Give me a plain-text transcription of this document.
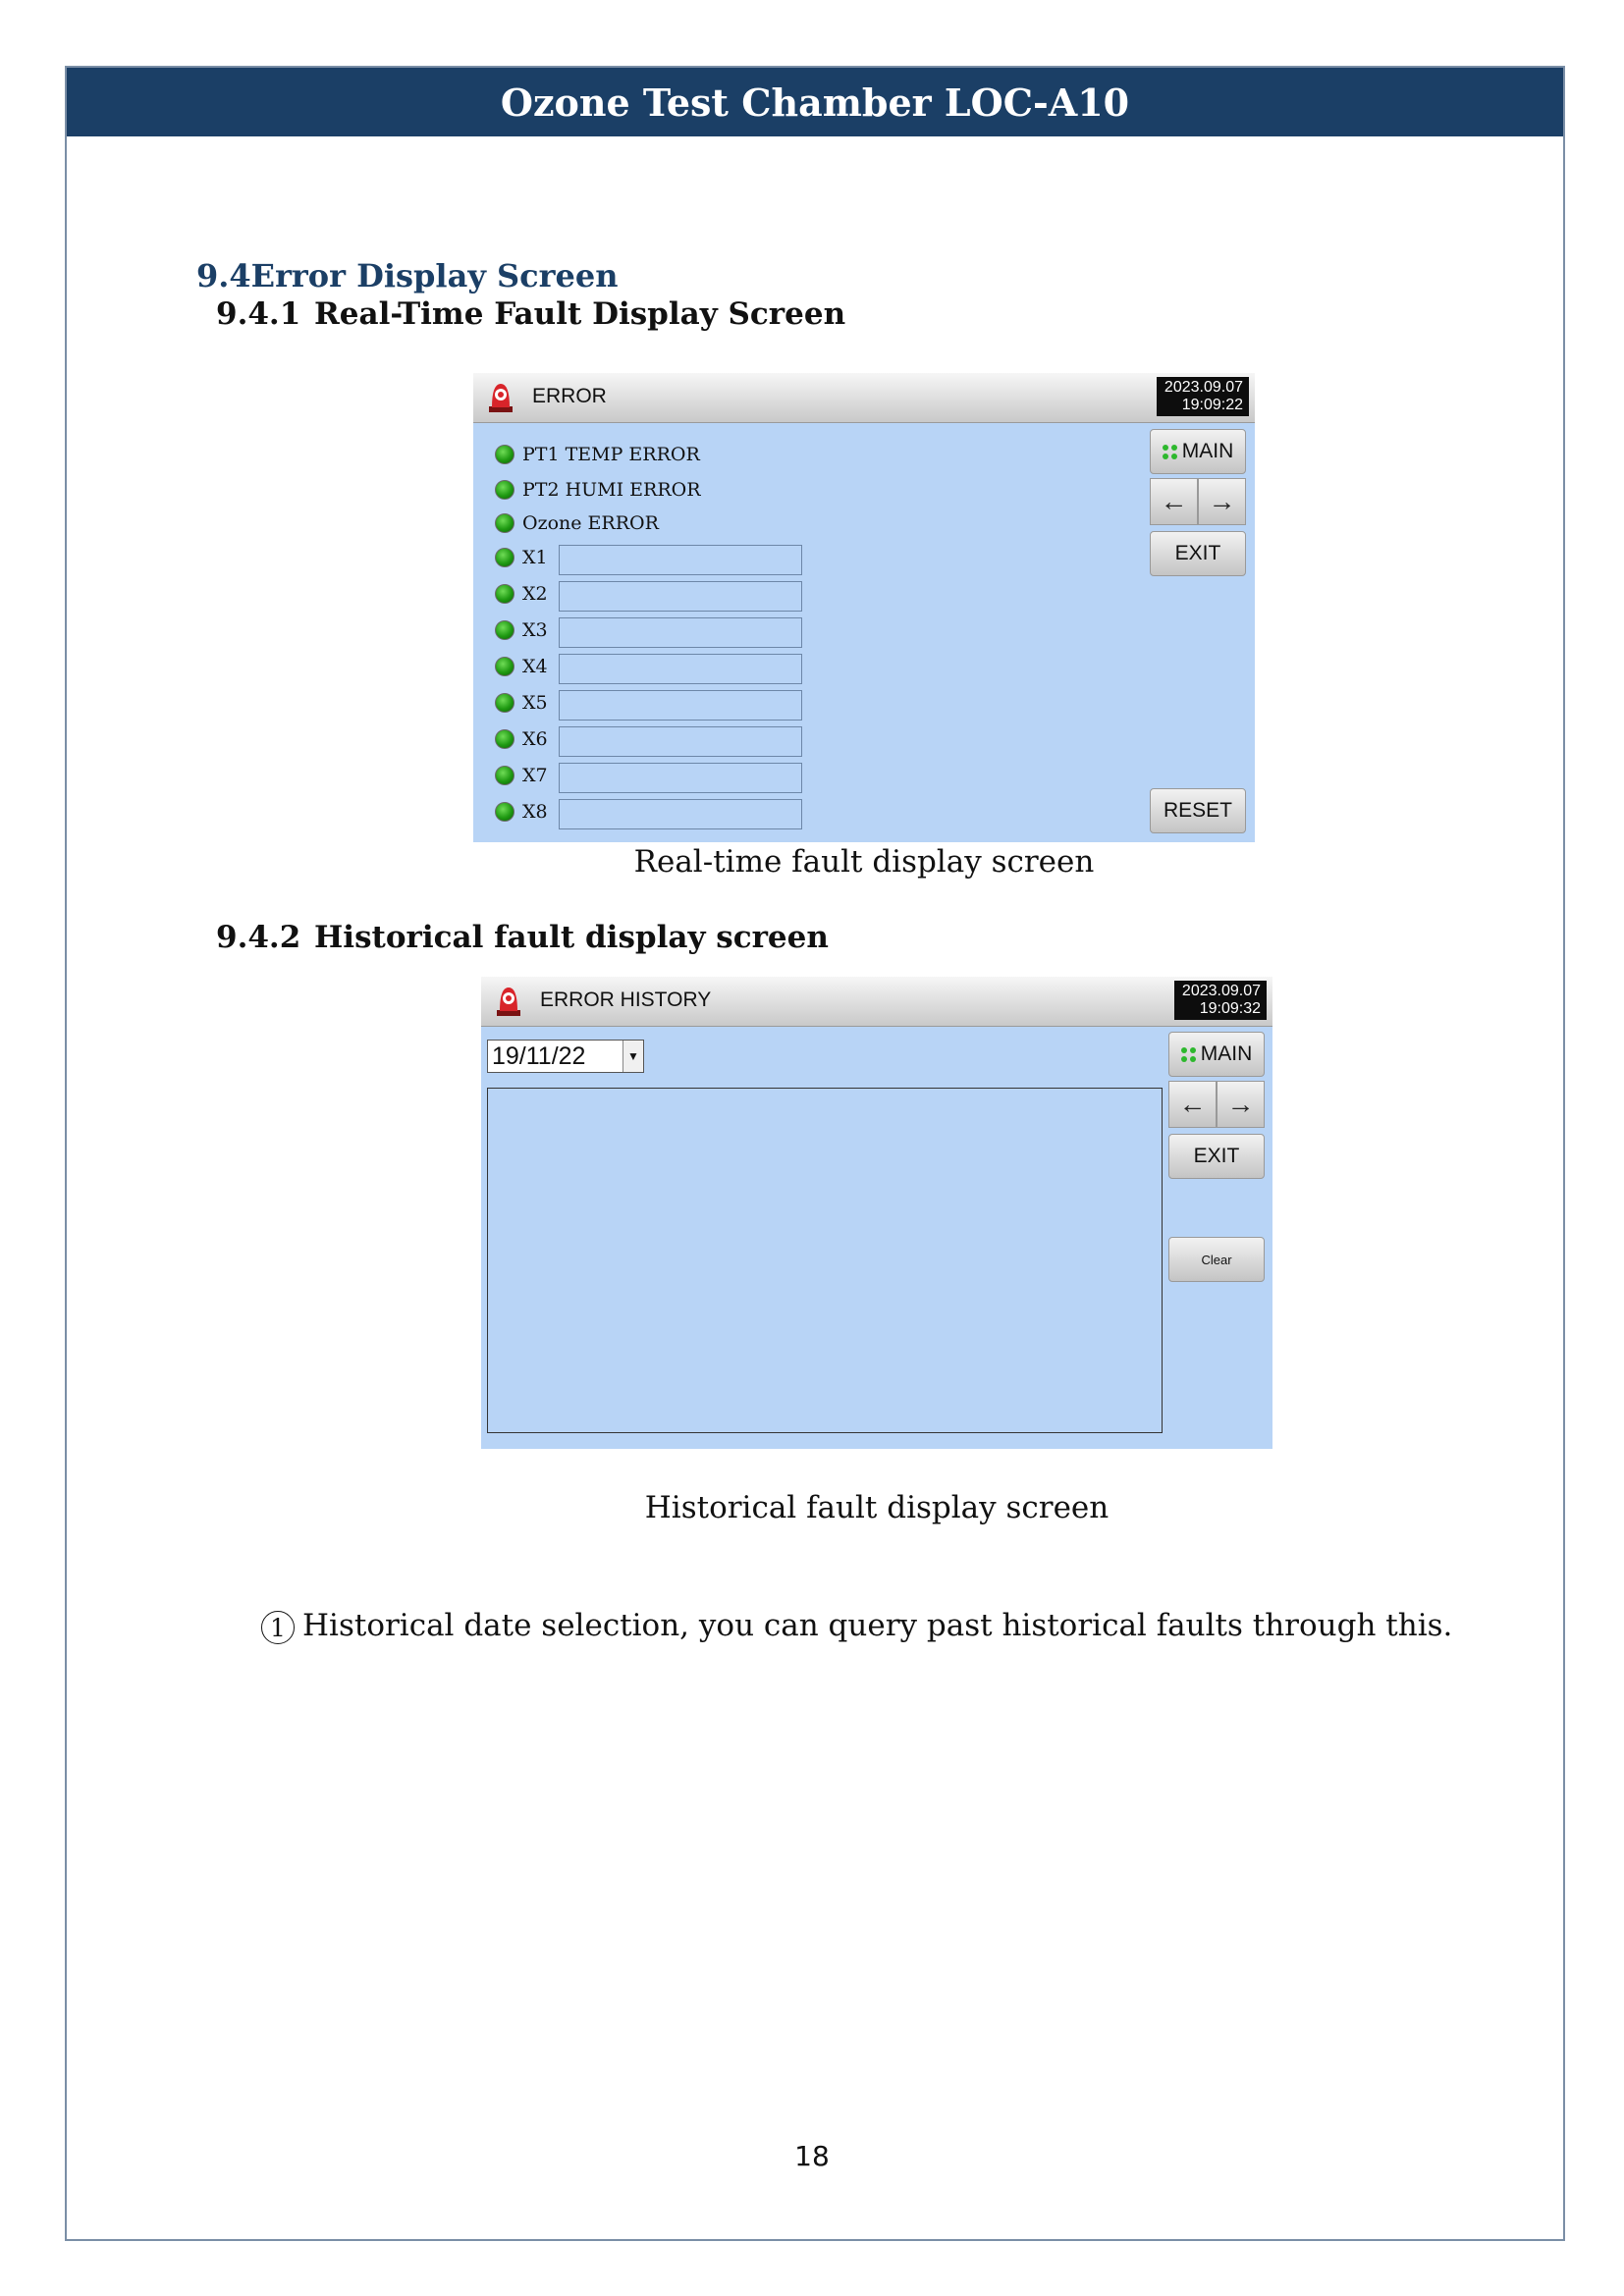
Ozone Test Chamber LOC-A10
9.4Error Display Screen
9.4.1 Real-Time Fault Display Screen
ERROR	2023.09.07
19:09:22
PT1 TEMP ERROR
PT2 HUMI ERROR
Ozone ERROR
X1
X2
X3
X4
X5
X6
X7
X8
MAIN
← →
EXIT
RESET
Real-time fault display screen
9.4.2 Historical fault display screen
ERROR HISTORY	2023.09.07
19:09:32
19/11/22	▼	MAIN
← →
EXIT
Clear
Historical fault display screen
1 Historical date selection, you can query past historical faults through this.
18
